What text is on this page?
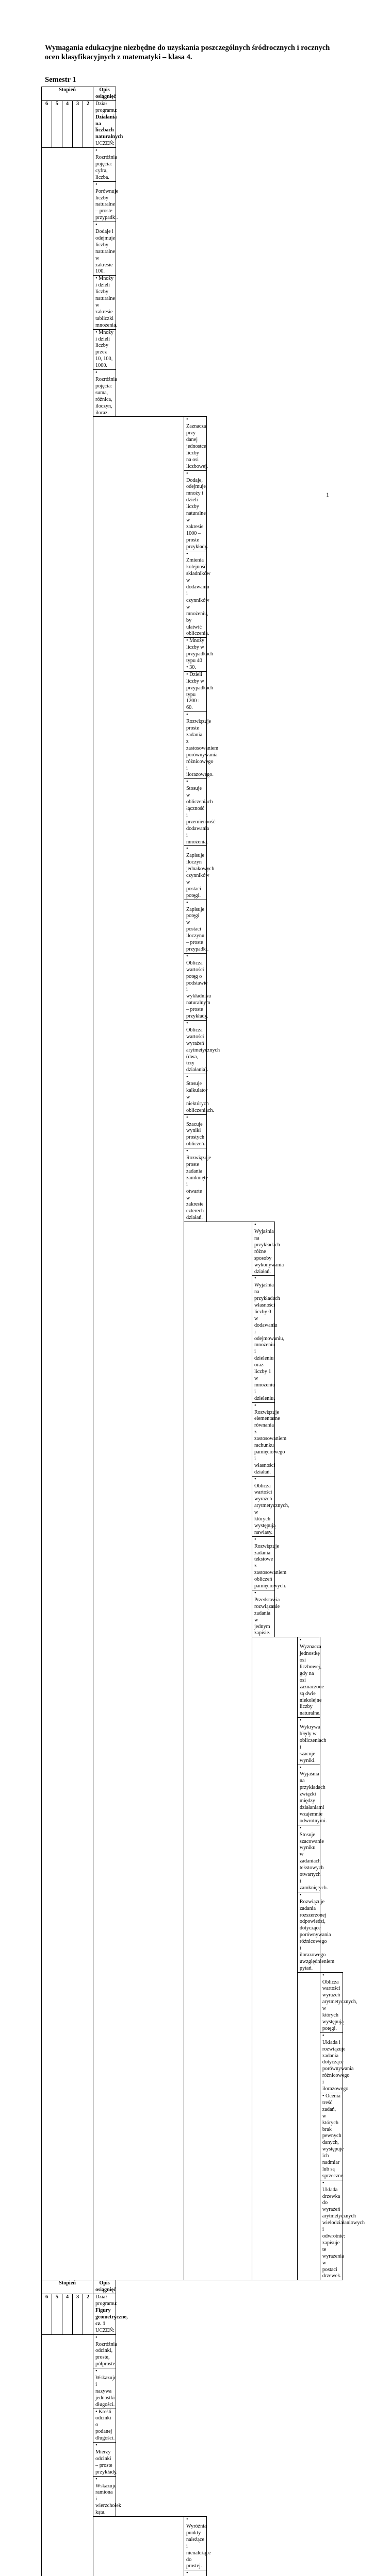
Wymagania edukacyjne niezbędne do uzyskania poszczególnych śródrocznych i rocznych ocen klasyfikacyjnych z matematyki – klasa 4.
Semestr 1
Stopień					Opis osiągnięć				
6	5	4	3	2	Dział programu: Działania na liczbach naturalnych
UCZEŃ:				
					• Rozróżnia pojęcia: cyfra, liczba.				
					• Porównuje liczby naturalne – proste przypadki.				
					• Dodaje i odejmuje liczby naturalne w zakresie 100.				
					• Mnoży i dzieli liczby naturalne w zakresie tabliczki mnożenia.				
					• Mnoży i dzieli liczby przez 10, 100, 1000.				
					• Rozróżnia pojęcia: suma, różnica, iloczyn, iloraz.				
						• Zaznacza przy danej jednostce liczby na osi liczbowej.			
						• Dodaje, odejmuje, mnoży i dzieli liczby naturalne w zakresie 1000 – proste przykłady.			
						• Zmienia kolejność składników w dodawaniu i czynników w mnożeniu, by ułatwić obliczenia.			
						• Mnoży liczby w przypadkach typu 40 • 30.			
						• Dzieli liczby w przypadkach typu 1200 : 60.			
						• Rozwiązuje proste zadania z zastosowaniem porównywania różnicowego i ilorazowego.			
						• Stosuje w obliczeniach łączność i przemienność dodawania i mnożenia.			
						• Zapisuje iloczyn jednakowych czynników w postaci potęgi.			
						• Zapisuje potęgi w postaci iloczynu – proste przypadki.			
						• Oblicza wartości potęg o podstawie i wykładniku naturalnym – proste przykłady.			
						• Oblicza wartości wyrażeń arytmetycznych (dwa, trzy działania).			
						• Stosuje kalkulator w niektórych obliczeniach.			
						• Szacuje wyniki prostych obliczeń.			
						• Rozwiązuje proste zadania zamknięte i otwarte w zakresie czterech działań.			
							• Wyjaśnia na przykładach różne sposoby wykonywania działań.		
							• Wyjaśnia na przykładach własności liczby 0 w dodawaniu i odejmowaniu, mnożeniu i dzieleniu oraz liczby 1 w mnożeniu i dzieleniu.		
							• Rozwiązuje elementarne równania z zastosowaniem rachunku pamięciowego i własności działań.		
							• Oblicza wartości wyrażeń arytmetycznych, w których występują nawiasy.		
							• Rozwiązuje zadania tekstowe z zastosowaniem obliczeń pamięciowych.		
							• Przedstawia rozwiązanie zadania w jednym zapisie.		
								• Wyznacza jednostkę osi liczbowej, gdy na osi zaznaczone są dwie niekolejne liczby naturalne.	
								• Wykrywa błędy w obliczeniach i szacuje wyniki.	
								• Wyjaśnia na przykładach związki między działaniami wzajemnie odwrotnymi.	
								• Stosuje szacowanie wyniku w zadaniach tekstowych otwartych i zamkniętych.	
								• Rozwiązuje zadania rozszerzonej odpowiedzi, dotyczące porównywania różnicowego i ilorazowego uwzględnieniem pytań.	
									• Oblicza wartości wyrażeń arytmetycznych, w których występują potęgi.
									• Układa i rozwiązuje zadania dotyczące porównywania różnicowego i ilorazowego.
									• Ocenia treść zadań, w których brak pewnych danych, występuje ich nadmiar lub są sprzeczne.
									• Układa drzewka do wyrażeń arytmetycznych wielodziałaniowych i odwrotnie: zapisuje te wyrażenia w postaci drzewek.
Stopień					Opis osiągnięć				
6	5	4	3	2	Dział programu: Figury geometryczne, cz. 1
UCZEŃ:				
					• Rozróżnia odcinki, proste, półproste.				
					• Wskazuje i nazywa jednostki długości.				
					• Kreśli odcinki o podanej długości.				
					• Mierzy odcinki – proste przykłady.				
					• Wskazuje ramiona i wierzchołek kąta.				
						• Wyróżnia punkty należące i nienależące do prostej.			
						•			

1
